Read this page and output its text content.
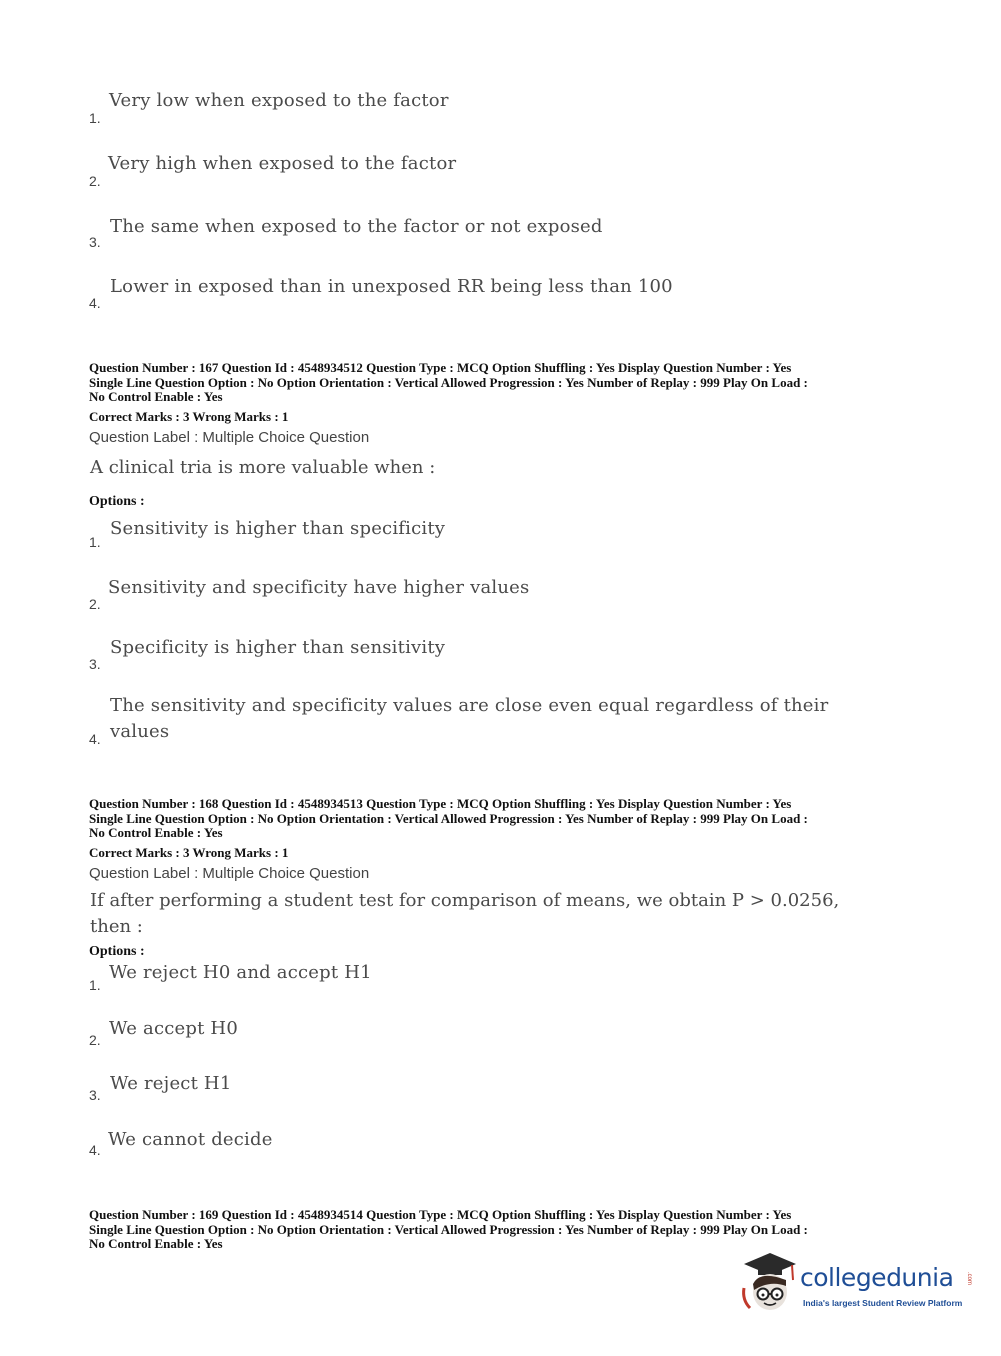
Very low when exposed to the factor
1.
Very high when exposed to the factor
2.
The same when exposed to the factor or not exposed
3.
Lower in exposed than in unexposed RR being less than 100
4.
Question Number : 167 Question Id : 4548934512 Question Type : MCQ Option Shuffling : Yes Display Question Number : Yes
Single Line Question Option : No Option Orientation : Vertical Allowed Progression : Yes Number of Replay : 999 Play On Load :
No Control Enable : Yes
Correct Marks : 3 Wrong Marks : 1
Question Label : Multiple Choice Question
A clinical tria is more valuable when :
Options :
Sensitivity is higher than specificity
1.
Sensitivity and specificity have higher values
2.
Specificity is higher than sensitivity
3.
The sensitivity and specificity values are close even equal regardless of their
values
4.
Question Number : 168 Question Id : 4548934513 Question Type : MCQ Option Shuffling : Yes Display Question Number : Yes
Single Line Question Option : No Option Orientation : Vertical Allowed Progression : Yes Number of Replay : 999 Play On Load :
No Control Enable : Yes
Correct Marks : 3 Wrong Marks : 1
Question Label : Multiple Choice Question
If after performing a student test for comparison of means, we obtain P > 0.0256,
then :
Options :
We reject H0 and accept H1
1.
We accept H0
2.
We reject H1
3.
We cannot decide
4.
Question Number : 169 Question Id : 4548934514 Question Type : MCQ Option Shuffling : Yes Display Question Number : Yes
Single Line Question Option : No Option Orientation : Vertical Allowed Progression : Yes Number of Replay : 999 Play On Load :
No Control Enable : Yes
collegedunia .com
India's largest Student Review Platform
